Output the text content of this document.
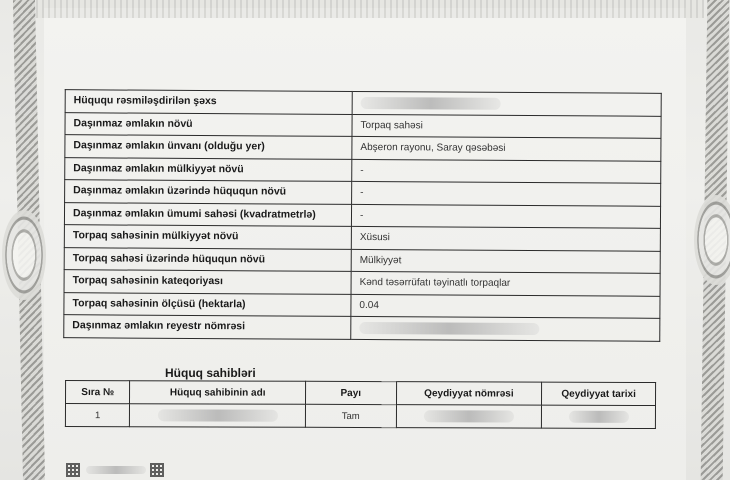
Hüququ rəsmiləşdirilən şəxs	
Daşınmaz əmlakın növü	Torpaq sahəsi
Daşınmaz əmlakın ünvanı (olduğu yer)	Abşeron rayonu, Saray qəsəbəsi
Daşınmaz əmlakın mülkiyyət növü	-
Daşınmaz əmlakın üzərində hüququn növü	-
Daşınmaz əmlakın ümumi sahəsi (kvadratmetrlə)	-
Torpaq sahəsinin mülkiyyət növü	Xüsusi
Torpaq sahəsi üzərində hüququn növü	Mülkiyyət
Torpaq sahəsinin kateqoriyası	Kənd təsərrüfatı təyinatlı torpaqlar
Torpaq sahəsinin ölçüsü (hektarla)	0.04
Daşınmaz əmlakın reyestr nömrəsi	
Hüquq sahibləri
Sıra №	Hüquq sahibinin adı	Payı	Qeydiyyat nömrəsi	Qeydiyyat tarixi
1		Tam		
